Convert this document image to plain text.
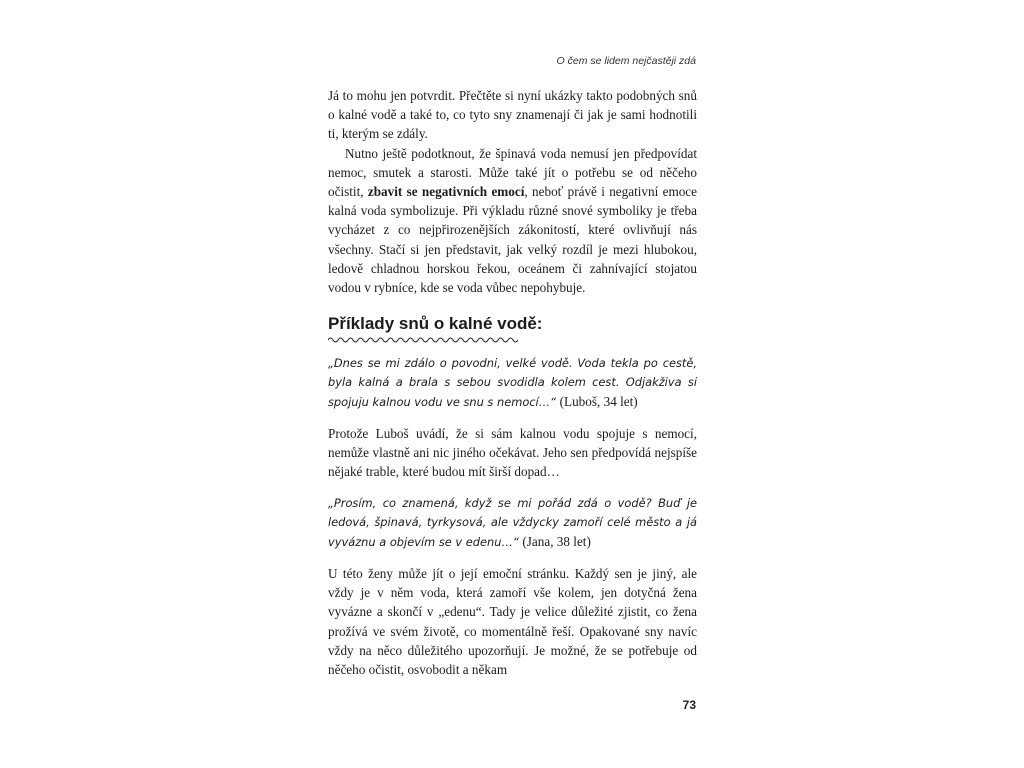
O čem se lidem nejčastěji zdá

Já to mohu jen potvrdit. Přečtěte si nyní ukázky takto podobných snů o kalné vodě a také to, co tyto sny znamenají či jak je sami hodnotili ti, kterým se zdály.

Nutno ještě podotknout, že špinavá voda nemusí jen předpovídat nemoc, smutek a starosti. Může také jít o potřebu se od něčeho očistit, zbavit se negativních emocí, neboť právě i negativní emoce kalná voda symbolizuje. Při výkladu různé snové symboliky je třeba vycházet z co nejpřirozenějších zákonitostí, které ovlivňují nás všechny. Stačí si jen představit, jak velký rozdíl je mezi hlubokou, ledově chladnou horskou řekou, oceánem či zahnívající stojatou vodou v rybníce, kde se voda vůbec nepohybuje.

Příklady snů o kalné vodě:

„Dnes se mi zdálo o povodni, velké vodě. Voda tekla po cestě, byla kalná a brala s sebou svodidla kolem cest. Odjakživa si spojuju kalnou vodu ve snu s nemocí…“ (Luboš, 34 let)

Protože Luboš uvádí, že si sám kalnou vodu spojuje s nemocí, nemůže vlastně ani nic jiného očekávat. Jeho sen předpovídá nejspíše nějaké trable, které budou mít širší dopad…

„Prosím, co znamená, když se mi pořád zdá o vodě? Buď je ledová, špinavá, tyrkysová, ale vždycky zamoří celé město a já vyváznu a objevím se v edenu…“ (Jana, 38 let)

U této ženy může jít o její emoční stránku. Každý sen je jiný, ale vždy je v něm voda, která zamoří vše kolem, jen dotyčná žena vyvázne a skončí v „edenu“. Tady je velice důležité zjistit, co žena prožívá ve svém životě, co momentálně řeší. Opakované sny navíc vždy na něco důležitého upozorňují. Je možné, že se potřebuje od něčeho očistit, osvobodit a někam

73
